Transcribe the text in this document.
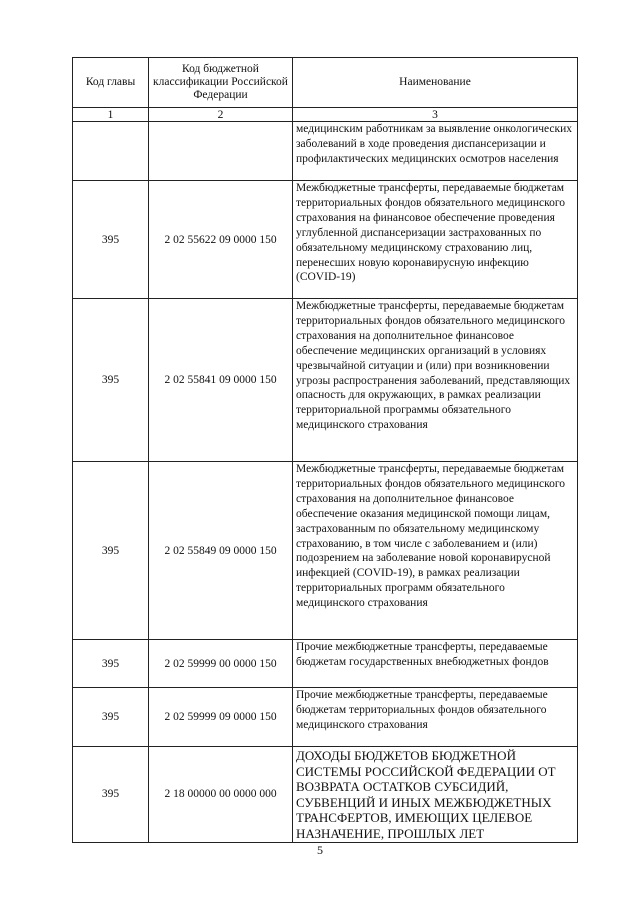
Код главы	Код бюджетной классификации Российской Федерации	Наименование
1	2	3
		медицинским работникам за выявление онкологических заболеваний в ходе проведения диспансеризации и профилактических медицинских осмотров населения
395	2 02 55622 09 0000 150	Межбюджетные трансферты, передаваемые бюджетам территориальных фондов обязательного медицинского страхования на финансовое обеспечение проведения углубленной диспансеризации застрахованных по обязательному медицинскому страхованию лиц, перенесших новую коронавирусную инфекцию (COVID-19)
395	2 02 55841 09 0000 150	Межбюджетные трансферты, передаваемые бюджетам территориальных фондов обязательного медицинского страхования на дополнительное финансовое обеспечение медицинских организаций в условиях чрезвычайной ситуации и (или) при возникновении угрозы распространения заболеваний, представляющих опасность для окружающих, в рамках реализации территориальной программы обязательного медицинского страхования
395	2 02 55849 09 0000 150	Межбюджетные трансферты, передаваемые бюджетам территориальных фондов обязательного медицинского страхования на дополнительное финансовое обеспечение оказания медицинской помощи лицам, застрахованным по обязательному медицинскому страхованию, в том числе с заболеванием и (или) подозрением на заболевание новой коронавирусной инфекцией (COVID-19), в рамках реализации территориальных программ обязательного медицинского страхования
395	2 02 59999 00 0000 150	Прочие межбюджетные трансферты, передаваемые бюджетам государственных внебюджетных фондов
395	2 02 59999 09 0000 150	Прочие межбюджетные трансферты, передаваемые бюджетам территориальных фондов обязательного медицинского страхования
395	2 18 00000 00 0000 000	ДОХОДЫ БЮДЖЕТОВ БЮДЖЕТНОЙ СИСТЕМЫ РОССИЙСКОЙ ФЕДЕРАЦИИ ОТ ВОЗВРАТА ОСТАТКОВ СУБСИДИЙ, СУБВЕНЦИЙ И ИНЫХ МЕЖБЮДЖЕТНЫХ ТРАНСФЕРТОВ, ИМЕЮЩИХ ЦЕЛЕВОЕ НАЗНАЧЕНИЕ, ПРОШЛЫХ ЛЕТ
5
